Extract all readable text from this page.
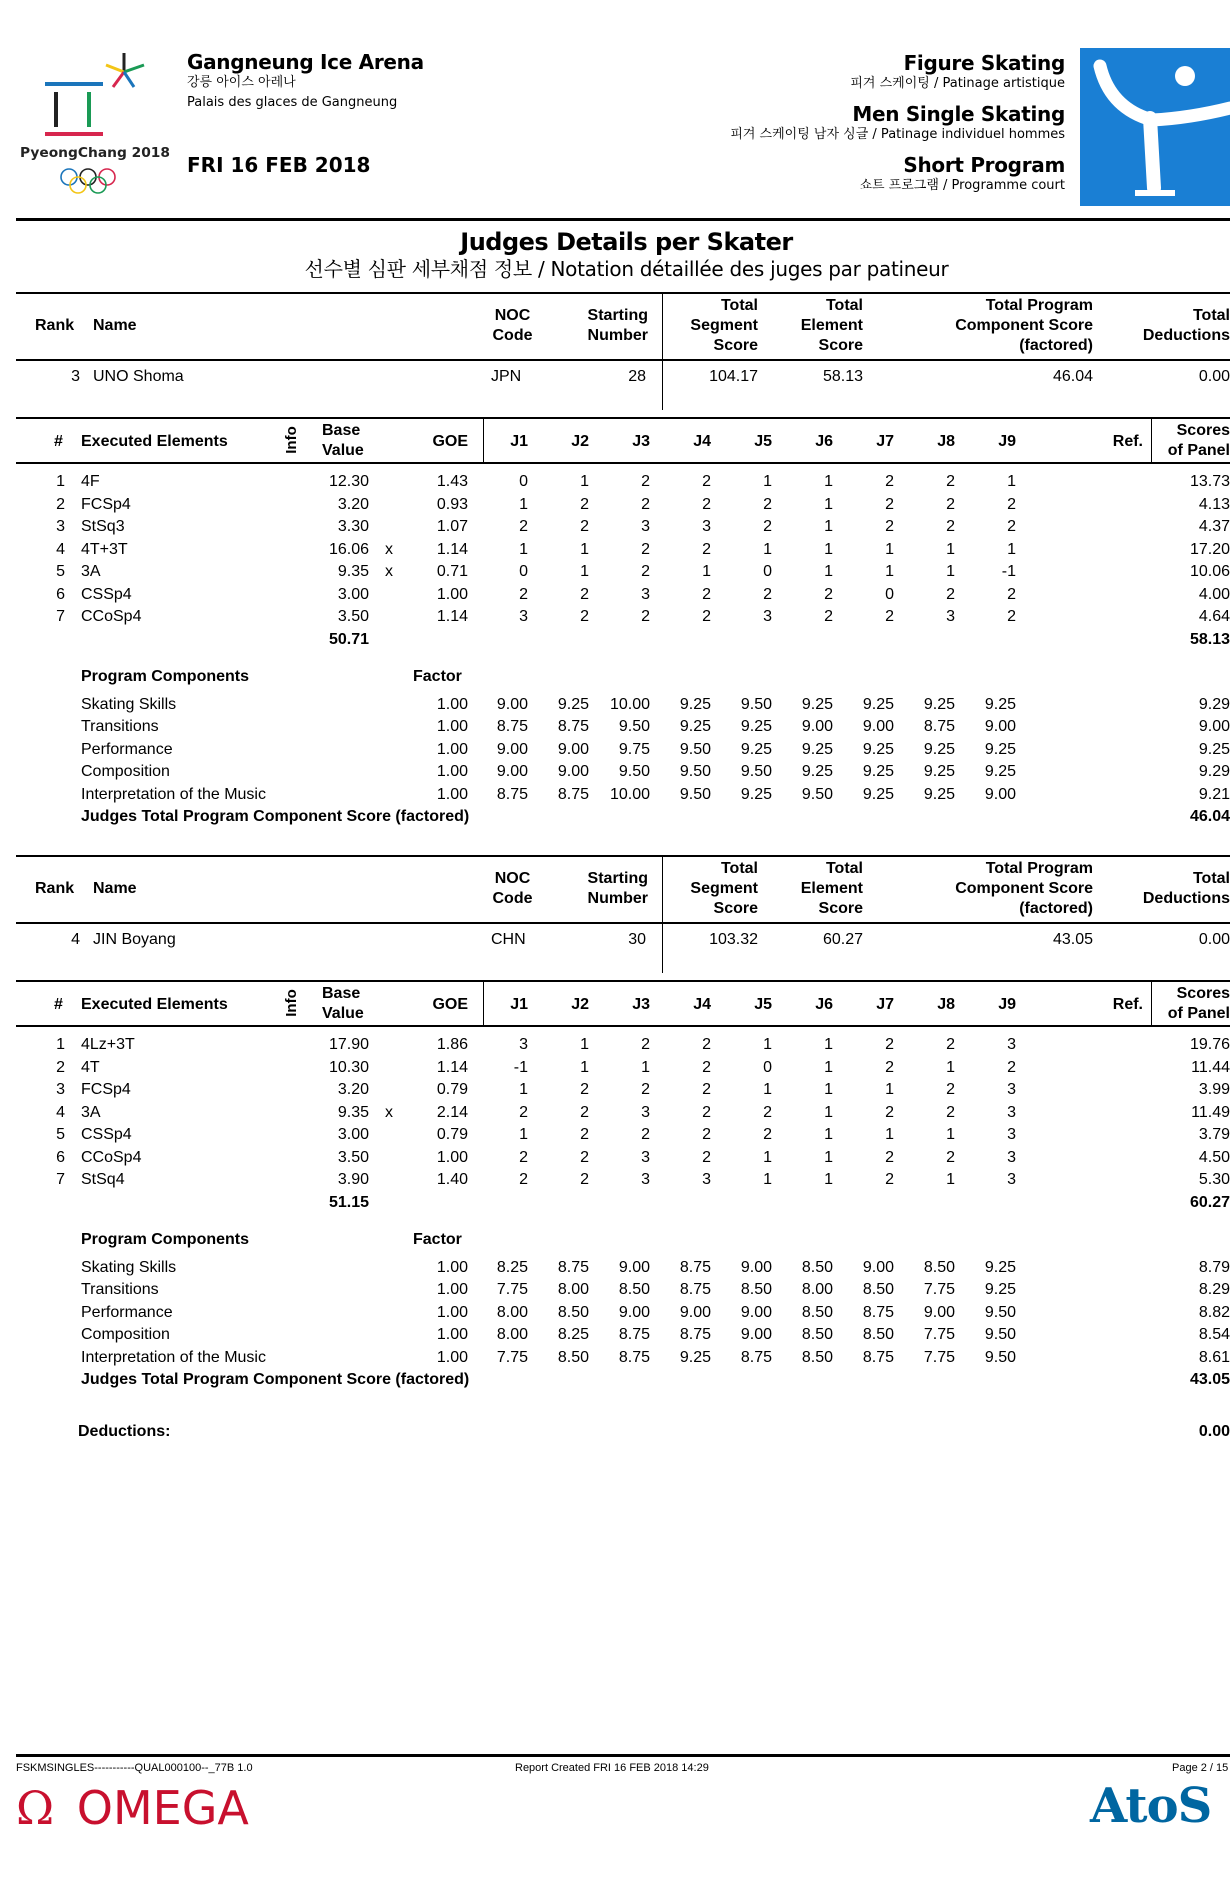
PyeongChang 2018
Gangneung Ice Arena
강릉 아이스 아레나
Palais des glaces de Gangneung
FRI 16 FEB 2018
Figure Skating
피겨 스케이팅 / Patinage artistique
Men Single Skating
피겨 스케이팅 남자 싱글 / Patinage individuel hommes
Short Program
쇼트 프로그램 / Programme court
Judges Details per Skater
선수별 심판 세부채점 정보 / Notation détaillée des juges par patineur
Rank	Name
NOC
Code
Starting
Number
Total
Segment
Score
Total
Element
Score
Total Program
Component Score
(factored)
Total
Deductions
3 UNO Shoma	JPN	28	104.17	58.13	46.04	0.00
#	Executed Elements	Info Base
Value
GOE	J1	J2	J3	J4	J5	J6	J7	J8	J9	Ref.
Scores
of Panel
1 4F	12.30	1.43	0	1	2	2	1	1	2	2	1	13.73
2 FCSp4	3.20	0.93	1	2	2	2	2	1	2	2	2	4.13
3 StSq3	3.30	1.07	2	2	3	3	2	1	2	2	2	4.37
4 4T+3T	16.06 x	1.14	1	1	2	2	1	1	1	1	1	17.20
5 3A	9.35 x	0.71	0	1	2	1	0	1	1	1	-1	10.06
6 CSSp4	3.00	1.00	2	2	3	2	2	2	0	2	2	4.00
7 CCoSp4	3.50	1.14	3	2	2	2	3	2	2	3	2	4.64
50.71	58.13
Program Components	Factor
Skating Skills	1.00	9.00	9.25	10.00	9.25	9.50	9.25	9.25	9.25	9.25	9.29
Transitions	1.00	8.75	8.75	9.50	9.25	9.25	9.00	9.00	8.75	9.00	9.00
Performance	1.00	9.00	9.00	9.75	9.50	9.25	9.25	9.25	9.25	9.25	9.25
Composition	1.00	9.00	9.00	9.50	9.50	9.50	9.25	9.25	9.25	9.25	9.29
Interpretation of the Music	1.00	8.75	8.75	10.00	9.50	9.25	9.50	9.25	9.25	9.00	9.21
Judges Total Program Component Score (factored)	46.04
Rank	Name
NOC
Code
Starting
Number
Total
Segment
Score
Total
Element
Score
Total Program
Component Score
(factored)
Total
Deductions
4 JIN Boyang	CHN	30	103.32	60.27	43.05	0.00
#	Executed Elements	Info Base
Value
GOE	J1	J2	J3	J4	J5	J6	J7	J8	J9	Ref.
Scores
of Panel
1 4Lz+3T	17.90	1.86	3	1	2	2	1	1	2	2	3	19.76
2 4T	10.30	1.14	-1	1	1	2	0	1	2	1	2	11.44
3 FCSp4	3.20	0.79	1	2	2	2	1	1	1	2	3	3.99
4 3A	9.35 x	2.14	2	2	3	2	2	1	2	2	3	11.49
5 CSSp4	3.00	0.79	1	2	2	2	2	1	1	1	3	3.79
6 CCoSp4	3.50	1.00	2	2	3	2	1	1	2	2	3	4.50
7 StSq4	3.90	1.40	2	2	3	3	1	1	2	1	3	5.30
51.15	60.27
Program Components	Factor
Skating Skills	1.00	8.25	8.75	9.00	8.75	9.00	8.50	9.00	8.50	9.25	8.79
Transitions	1.00	7.75	8.00	8.50	8.75	8.50	8.00	8.50	7.75	9.25	8.29
Performance	1.00	8.00	8.50	9.00	9.00	9.00	8.50	8.75	9.00	9.50	8.82
Composition	1.00	8.00	8.25	8.75	8.75	9.00	8.50	8.50	7.75	9.50	8.54
Interpretation of the Music	1.00	7.75	8.50	8.75	9.25	8.75	8.50	8.75	7.75	9.50	8.61
Judges Total Program Component Score (factored)	43.05
Deductions:	0.00
FSKMSINGLES-----------QUAL000100--_77B 1.0	Report Created FRI 16 FEB 2018 14:29	Page 2 / 15
Ω OMEGA	AtoS
